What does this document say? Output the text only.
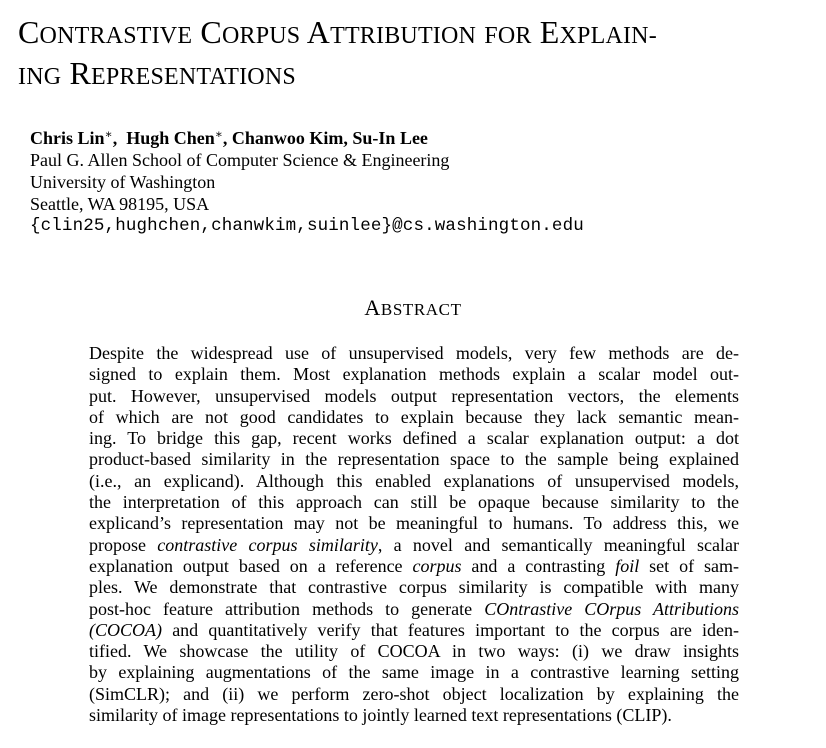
CONTRASTIVE CORPUS ATTRIBUTION FOR EXPLAIN-
ING REPRESENTATIONS
Chris Lin∗,  Hugh Chen∗, Chanwoo Kim, Su-In Lee
Paul G. Allen School of Computer Science & Engineering
University of Washington
Seattle, WA 98195, USA
{clin25,hughchen,chanwkim,suinlee}@cs.washington.edu
ABSTRACT
Despite the widespread use of unsupervised models, very few methods are de-
signed to explain them. Most explanation methods explain a scalar model out-
put. However, unsupervised models output representation vectors, the elements
of which are not good candidates to explain because they lack semantic mean-
ing. To bridge this gap, recent works defined a scalar explanation output: a dot
product-based similarity in the representation space to the sample being explained
(i.e., an explicand). Although this enabled explanations of unsupervised models,
the interpretation of this approach can still be opaque because similarity to the
explicand’s representation may not be meaningful to humans. To address this, we
propose contrastive corpus similarity, a novel and semantically meaningful scalar
explanation output based on a reference corpus and a contrasting foil set of sam-
ples. We demonstrate that contrastive corpus similarity is compatible with many
post-hoc feature attribution methods to generate COntrastive COrpus Attributions
(COCOA) and quantitatively verify that features important to the corpus are iden-
tified. We showcase the utility of COCOA in two ways: (i) we draw insights
by explaining augmentations of the same image in a contrastive learning setting
(SimCLR); and (ii) we perform zero-shot object localization by explaining the
similarity of image representations to jointly learned text representations (CLIP).
